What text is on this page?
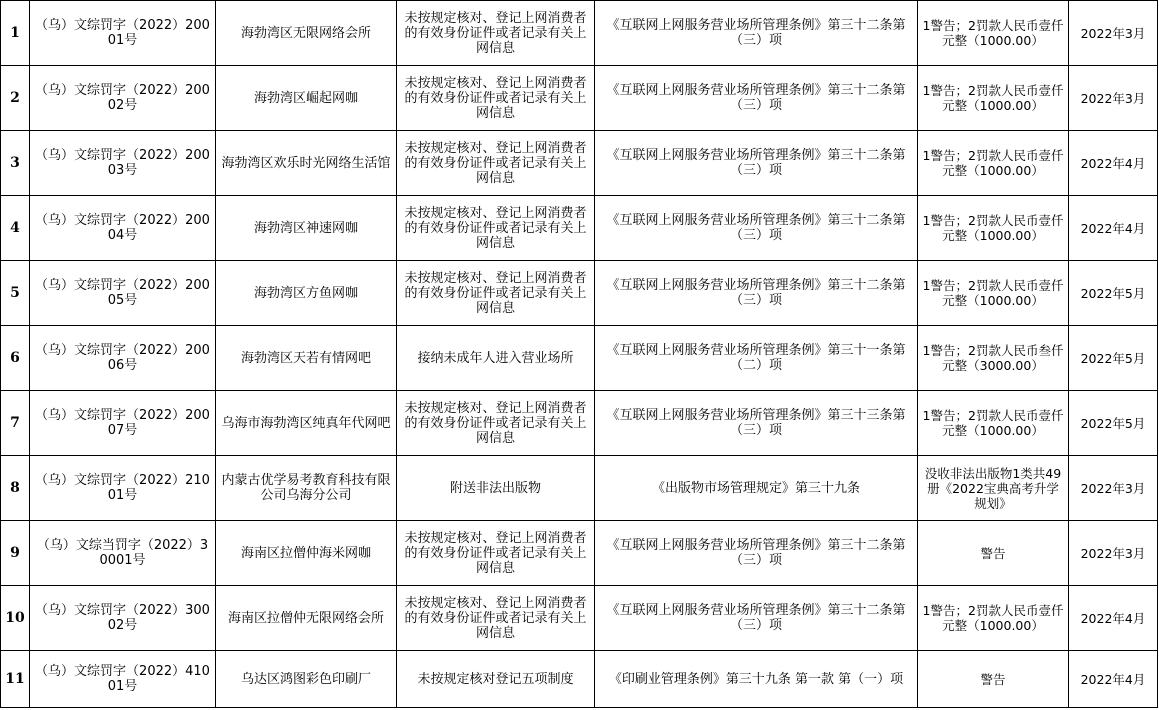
1	（乌）文综罚字（2022）20001号	海勃湾区无限网络会所	未按规定核对、登记上网消费者的有效身份证件或者记录有关上网信息	《互联网上网服务营业场所管理条例》第三十二条第（三）项	1警告；2罚款人民币壹仟元整（1000.00）	2022年3月
2	（乌）文综罚字（2022）20002号	海勃湾区崛起网咖	未按规定核对、登记上网消费者的有效身份证件或者记录有关上网信息	《互联网上网服务营业场所管理条例》第三十二条第（三）项	1警告；2罚款人民币壹仟元整（1000.00）	2022年3月
3	（乌）文综罚字（2022）20003号	海勃湾区欢乐时光网络生活馆	未按规定核对、登记上网消费者的有效身份证件或者记录有关上网信息	《互联网上网服务营业场所管理条例》第三十二条第（三）项	1警告；2罚款人民币壹仟元整（1000.00）	2022年4月
4	（乌）文综罚字（2022）20004号	海勃湾区神速网咖	未按规定核对、登记上网消费者的有效身份证件或者记录有关上网信息	《互联网上网服务营业场所管理条例》第三十二条第（三）项	1警告；2罚款人民币壹仟元整（1000.00）	2022年4月
5	（乌）文综罚字（2022）20005号	海勃湾区方鱼网咖	未按规定核对、登记上网消费者的有效身份证件或者记录有关上网信息	《互联网上网服务营业场所管理条例》第三十二条第（三）项	1警告；2罚款人民币壹仟元整（1000.00）	2022年5月
6	（乌）文综罚字（2022）20006号	海勃湾区天若有情网吧	接纳未成年人进入营业场所	《互联网上网服务营业场所管理条例》第三十一条第（二）项	1警告；2罚款人民币叁仟元整（3000.00）	2022年5月
7	（乌）文综罚字（2022）20007号	乌海市海勃湾区纯真年代网吧	未按规定核对、登记上网消费者的有效身份证件或者记录有关上网信息	《互联网上网服务营业场所管理条例》第三十三条第（三）项	1警告；2罚款人民币壹仟元整（1000.00）	2022年5月
8	（乌）文综罚字（2022）21001号	内蒙古优学易考教育科技有限公司乌海分公司	附送非法出版物	《出版物市场管理规定》第三十九条	没收非法出版物1类共49册《2022宝典高考升学规划》	2022年3月
9	（乌）文综当罚字（2022）30001号	海南区拉僧仲海米网咖	未按规定核对、登记上网消费者的有效身份证件或者记录有关上网信息	《互联网上网服务营业场所管理条例》第三十二条第（三）项	警告	2022年3月
10	（乌）文综罚字（2022）30002号	海南区拉僧仲无限网络会所	未按规定核对、登记上网消费者的有效身份证件或者记录有关上网信息	《互联网上网服务营业场所管理条例》第三十二条第（三）项	1警告；2罚款人民币壹仟元整（1000.00）	2022年4月
11	（乌）文综罚字（2022）41001号	乌达区鸿图彩色印刷厂	未按规定核对登记五项制度	《印刷业管理条例》第三十九条 第一款 第（一）项	警告	2022年4月
